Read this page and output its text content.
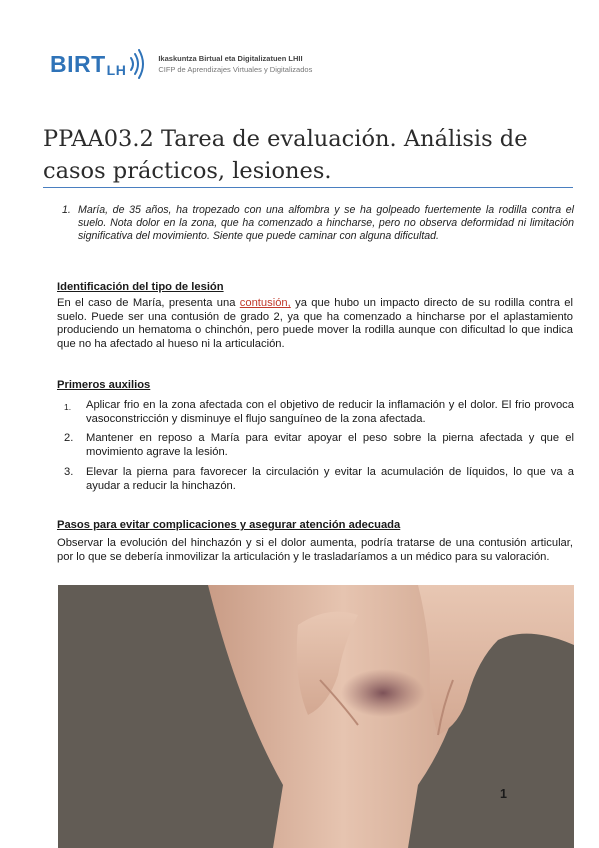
BIRT LH
Ikaskuntza Birtual eta Digitalizatuen LHII
CIFP de Aprendizajes Virtuales y Digitalizados
PPAA03.2 Tarea de evaluación. Análisis de casos prácticos, lesiones.
1. María, de 35 años, ha tropezado con una alfombra y se ha golpeado fuertemente la rodilla contra el suelo. Nota dolor en la zona, que ha comenzado a hincharse, pero no observa deformidad ni limitación significativa del movimiento. Siente que puede caminar con alguna dificultad.
Identificación del tipo de lesión
En el caso de María, presenta una contusión, ya que hubo un impacto directo de su rodilla contra el suelo. Puede ser una contusión de grado 2, ya que ha comenzado a hincharse por el aplastamiento produciendo un hematoma o chinchón, pero puede mover la rodilla aunque con dificultad lo que indica que no ha afectado al hueso ni la articulación.
Primeros auxilios
1.	Aplicar frio en la zona afectada con el objetivo de reducir la inflamación y el dolor. El frio provoca vasoconstricción y disminuye el flujo sanguíneo de la zona afectada.
2. Mantener en reposo a María para evitar apoyar el peso sobre la pierna afectada y que el movimiento agrave la lesión.
3. Elevar la pierna para favorecer la circulación y evitar la acumulación de líquidos, lo que va a ayudar a reducir la hinchazón.
Pasos para evitar complicaciones y asegurar atención adecuada
Observar la evolución del hinchazón y si el dolor aumenta, podría tratarse de una contusión articular, por lo que se debería inmovilizar la articulación y le trasladaríamos a un médico para su valoración.
1
